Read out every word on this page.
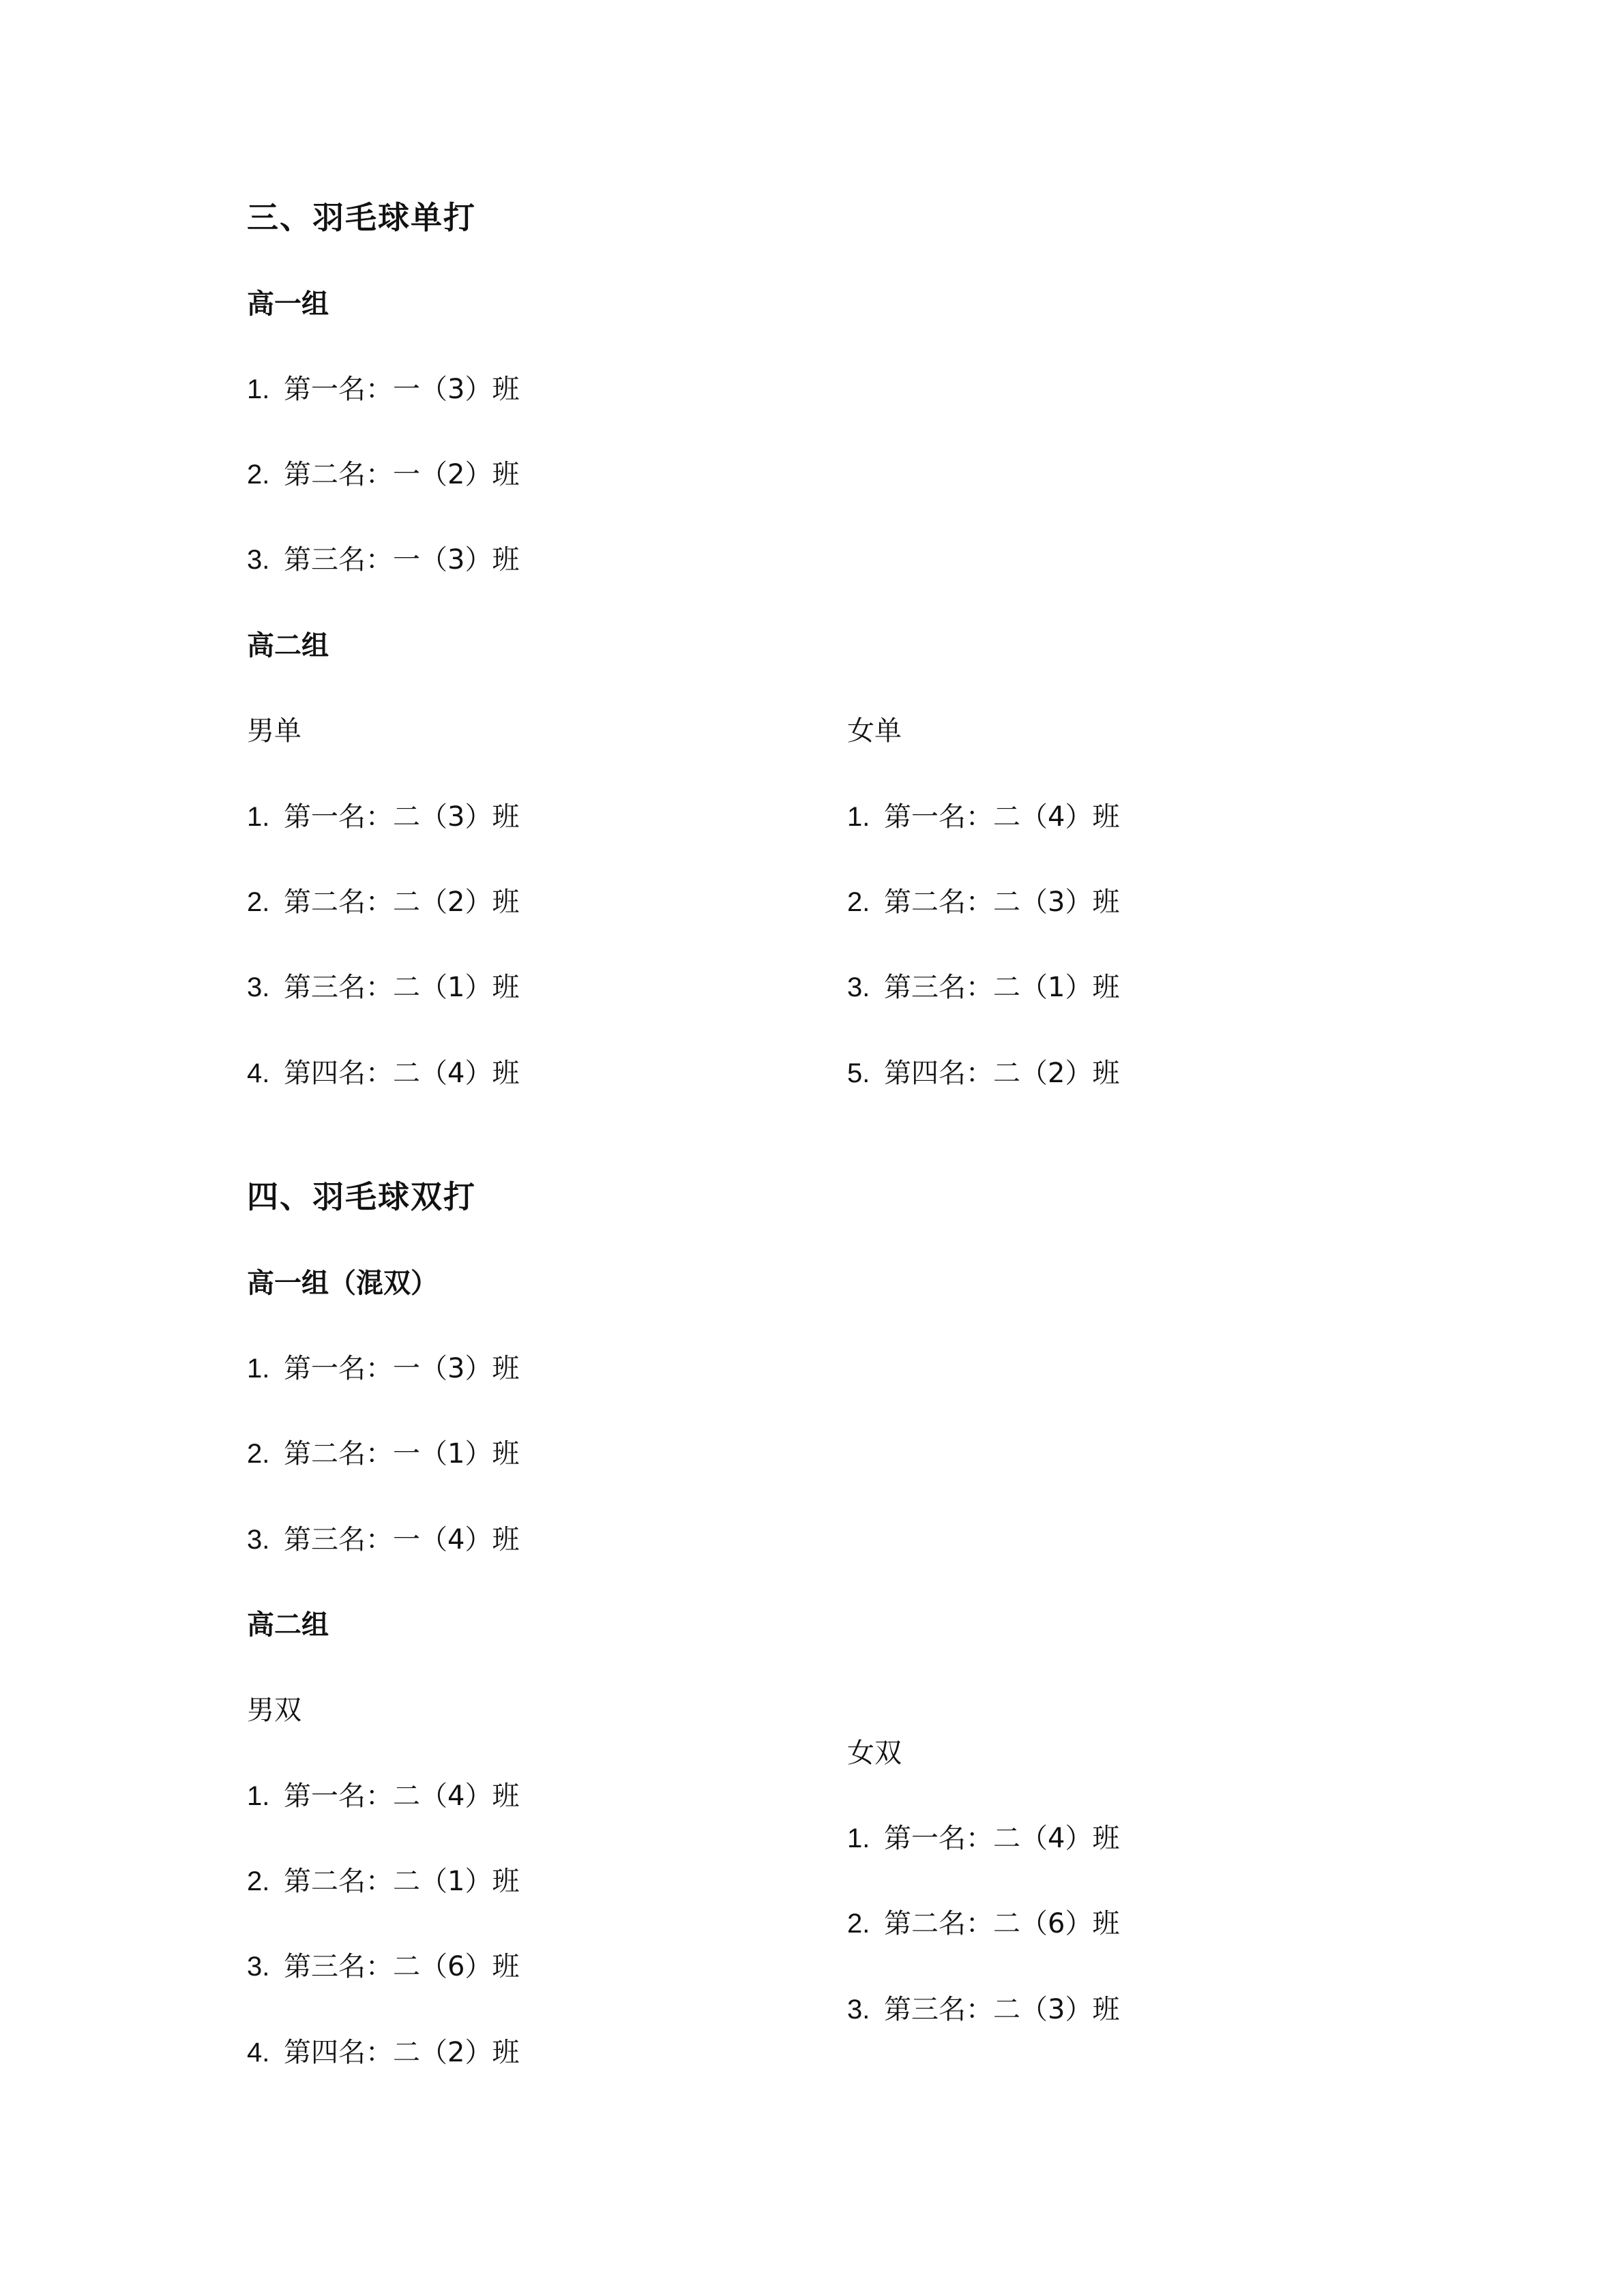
三、羽毛球单打
高一组
1. 第一名：一（3）班
2. 第二名：一（2）班
3. 第三名：一（3）班
高二组
男单
1. 第一名：二（3）班
2. 第二名：二（2）班
3. 第三名：二（1）班
4. 第四名：二（4）班
女单
1. 第一名：二（4）班
2. 第二名：二（3）班
3. 第三名：二（1）班
5. 第四名：二（2）班
四、羽毛球双打
高一组（混双）
1. 第一名：一（3）班
2. 第二名：一（1）班
3. 第三名：一（4）班
高二组
男双
1. 第一名：二（4）班
2. 第二名：二（1）班
3. 第三名：二（6）班
4. 第四名：二（2）班
女双
1. 第一名：二（4）班
2. 第二名：二（6）班
3. 第三名：二（3）班
